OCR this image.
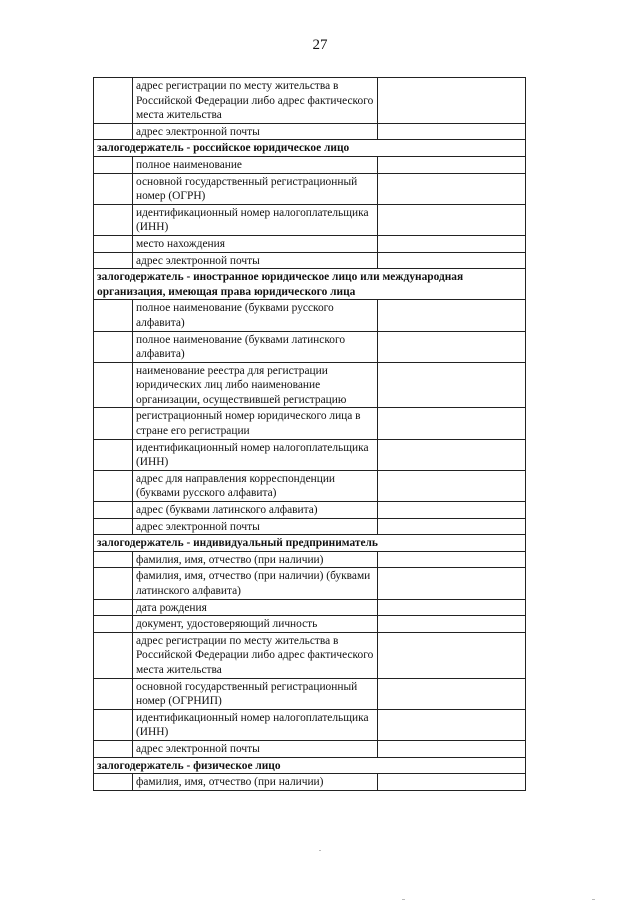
27
	адрес регистрации по месту жительства в Российской Федерации либо адрес фактического места жительства	
	адрес электронной почты	
залогодержатель - российское юридическое лицо		
	полное наименование	
	основной государственный регистрационный номер (ОГРН)	
	идентификационный номер налогоплательщика (ИНН)	
	место нахождения	
	адрес электронной почты	
залогодержатель - иностранное юридическое лицо или международная организация, имеющая права юридического лица		
	полное наименование (буквами русского алфавита)	
	полное наименование (буквами латинского алфавита)	
	наименование реестра для регистрации юридических лиц либо наименование организации, осуществившей регистрацию	
	регистрационный номер юридического лица в стране его регистрации	
	идентификационный номер налогоплательщика (ИНН)	
	адрес для направления корреспонденции (буквами русского алфавита)	
	адрес (буквами латинского алфавита)	
	адрес электронной почты	
залогодержатель - индивидуальный предприниматель		
	фамилия, имя, отчество (при наличии)	
	фамилия, имя, отчество (при наличии) (буквами латинского алфавита)	
	дата рождения	
	документ, удостоверяющий личность	
	адрес регистрации по месту жительства в Российской Федерации либо адрес фактического места жительства	
	основной государственный регистрационный номер (ОГРНИП)	
	идентификационный номер налогоплательщика (ИНН)	
	адрес электронной почты	
залогодержатель - физическое лицо		
	фамилия, имя, отчество (при наличии)	
